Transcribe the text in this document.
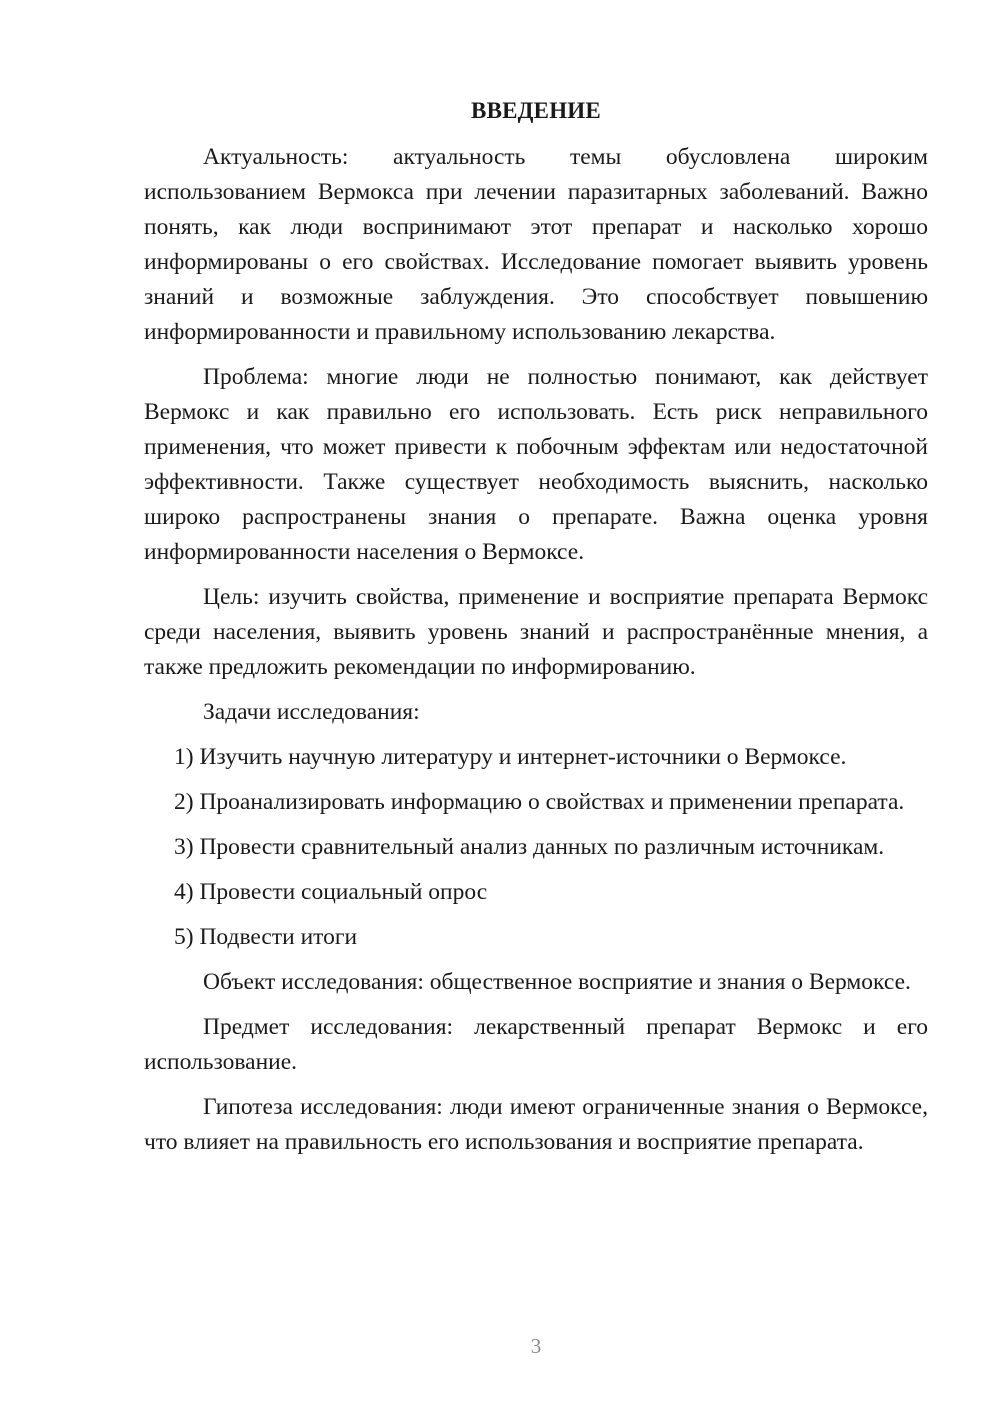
ВВЕДЕНИЕ

Актуальность: актуальность темы обусловлена широким использованием Вермокса при лечении паразитарных заболеваний. Важно понять, как люди воспринимают этот препарат и насколько хорошо информированы о его свойствах. Исследование помогает выявить уровень знаний и возможные заблуждения. Это способствует повышению информированности и правильному использованию лекарства.

Проблема: многие люди не полностью понимают, как действует Вермокс и как правильно его использовать. Есть риск неправильного применения, что может привести к побочным эффектам или недостаточной эффективности. Также существует необходимость выяснить, насколько широко распространены знания о препарате. Важна оценка уровня информированности населения о Вермоксе.

Цель: изучить свойства, применение и восприятие препарата Вермокс среди населения, выявить уровень знаний и распространённые мнения, а также предложить рекомендации по информированию.

Задачи исследования:

1) Изучить научную литературу и интернет-источники о Вермоксе.

2) Проанализировать информацию о свойствах и применении препарата.

3) Провести сравнительный анализ данных по различным источникам.

4) Провести социальный опрос

5) Подвести итоги

Объект исследования: общественное восприятие и знания о Вермоксе.

Предмет исследования: лекарственный препарат Вермокс и его использование.

Гипотеза исследования: люди имеют ограниченные знания о Вермоксе, что влияет на правильность его использования и восприятие препарата.

3
